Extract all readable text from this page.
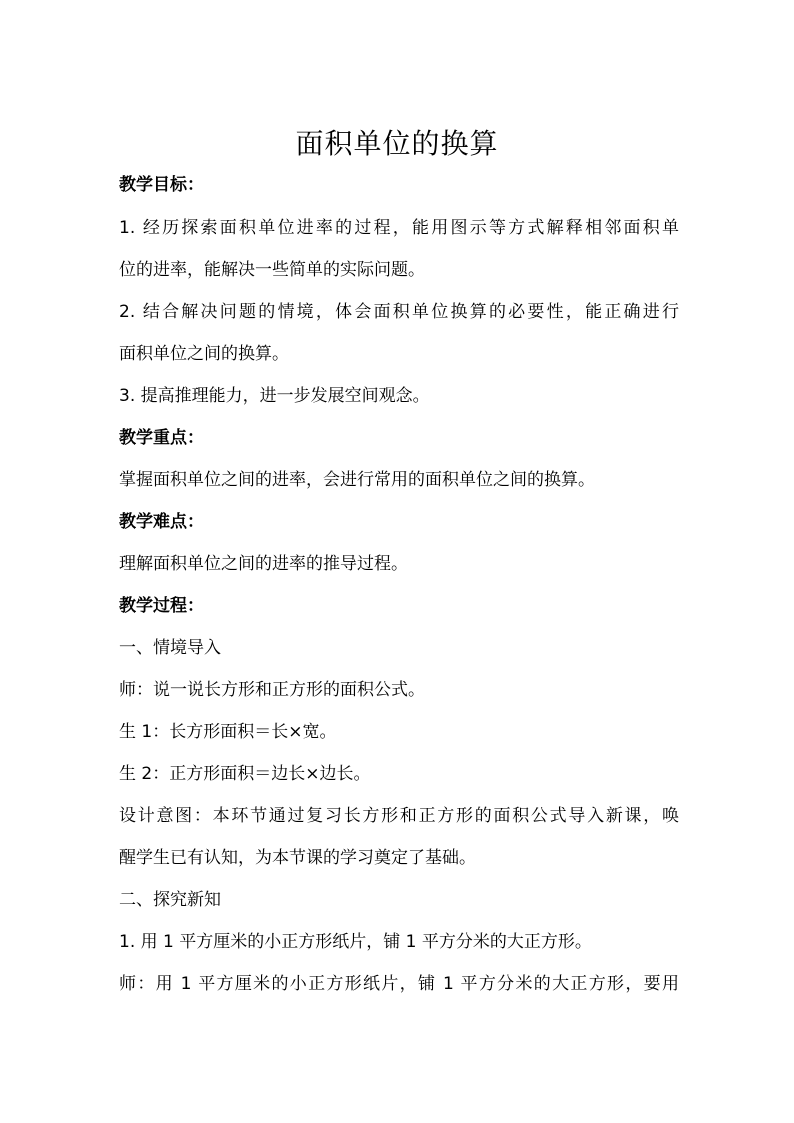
面积单位的换算
教学目标：
1. 经历探索面积单位进率的过程，能用图示等方式解释相邻面积单
位的进率，能解决一些简单的实际问题。
2. 结合解决问题的情境，体会面积单位换算的必要性，能正确进行
面积单位之间的换算。
3. 提高推理能力，进一步发展空间观念。
教学重点：
掌握面积单位之间的进率，会进行常用的面积单位之间的换算。
教学难点：
理解面积单位之间的进率的推导过程。
教学过程：
一、情境导入
师：说一说长方形和正方形的面积公式。
生 1：长方形面积＝长×宽。
生 2：正方形面积＝边长×边长。
设计意图：本环节通过复习长方形和正方形的面积公式导入新课，唤
醒学生已有认知，为本节课的学习奠定了基础。
二、探究新知
1. 用 1 平方厘米的小正方形纸片，铺 1 平方分米的大正方形。
师：用 1 平方厘米的小正方形纸片，铺 1 平方分米的大正方形，要用
